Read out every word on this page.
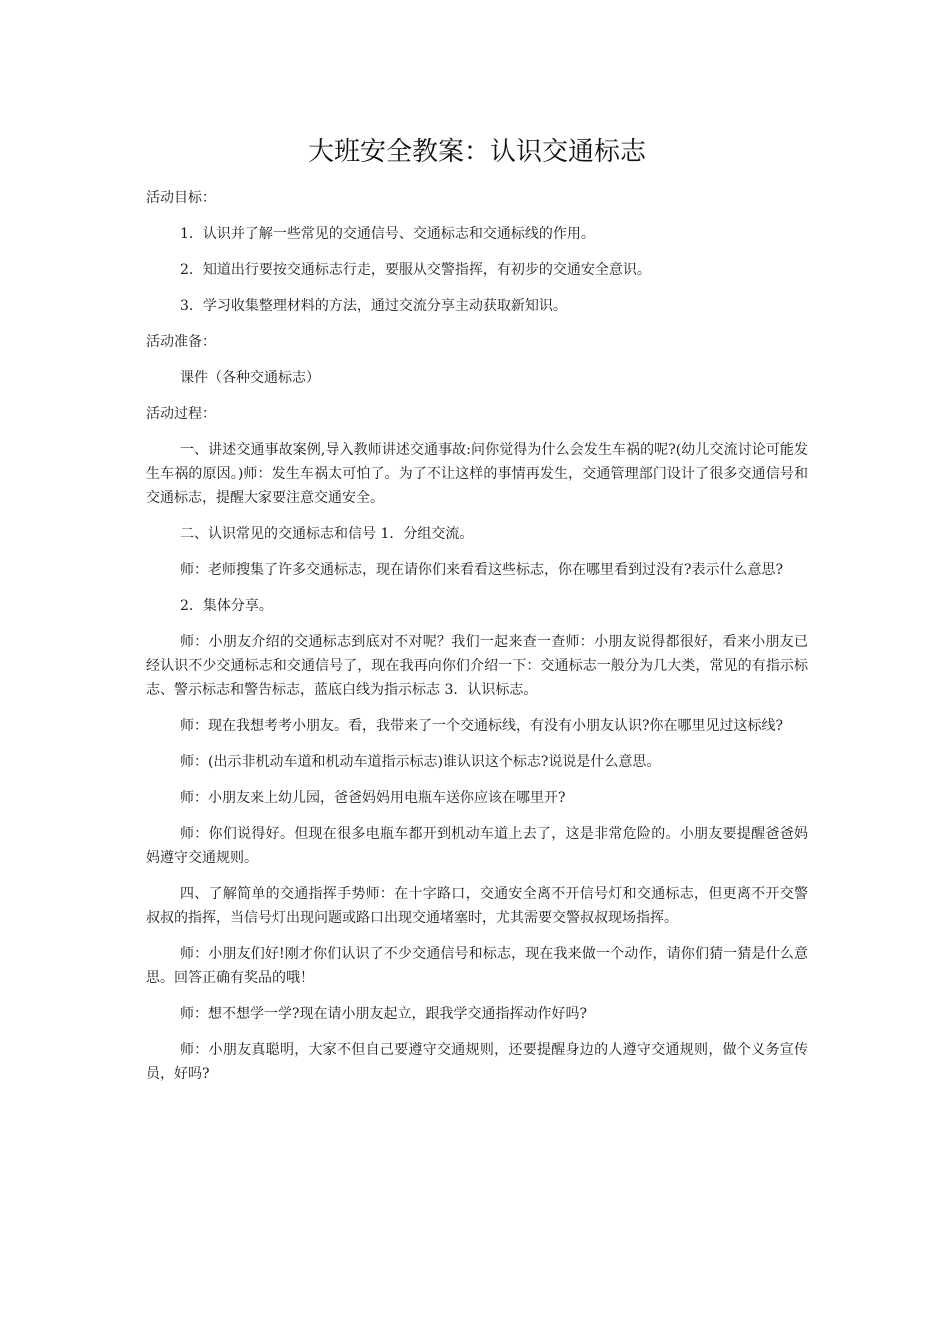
大班安全教案：认识交通标志

活动目标：

1．认识并了解一些常见的交通信号、交通标志和交通标线的作用。

2．知道出行要按交通标志行走，要服从交警指挥，有初步的交通安全意识。

3．学习收集整理材料的方法，通过交流分享主动获取新知识。

活动准备：

课件（各种交通标志）

活动过程：

一、讲述交通事故案例,导入教师讲述交通事故:问你觉得为什么会发生车祸的呢?(幼儿交流讨论可能发生车祸的原因。)师：发生车祸太可怕了。为了不让这样的事情再发生，交通管理部门设计了很多交通信号和交通标志，提醒大家要注意交通安全。

二、认识常见的交通标志和信号 1．分组交流。

师：老师搜集了许多交通标志，现在请你们来看看这些标志，你在哪里看到过没有?表示什么意思?

2．集体分享。

师：小朋友介绍的交通标志到底对不对呢？我们一起来查一查师：小朋友说得都很好，看来小朋友已经认识不少交通标志和交通信号了，现在我再向你们介绍一下：交通标志一般分为几大类，常见的有指示标志、警示标志和警告标志，蓝底白线为指示标志 3．认识标志。

师：现在我想考考小朋友。看，我带来了一个交通标线，有没有小朋友认识?你在哪里见过这标线?

师：(出示非机动车道和机动车道指示标志)谁认识这个标志?说说是什么意思。

师：小朋友来上幼儿园，爸爸妈妈用电瓶车送你应该在哪里开?

师：你们说得好。但现在很多电瓶车都开到机动车道上去了，这是非常危险的。小朋友要提醒爸爸妈妈遵守交通规则。

四、了解简单的交通指挥手势师：在十字路口，交通安全离不开信号灯和交通标志，但更离不开交警叔叔的指挥，当信号灯出现问题或路口出现交通堵塞时，尤其需要交警叔叔现场指挥。

师：小朋友们好!刚才你们认识了不少交通信号和标志，现在我来做一个动作，请你们猜一猜是什么意思。回答正确有奖品的哦！

师：想不想学一学?现在请小朋友起立，跟我学交通指挥动作好吗?

师：小朋友真聪明，大家不但自己要遵守交通规则，还要提醒身边的人遵守交通规则，做个义务宣传员，好吗?
